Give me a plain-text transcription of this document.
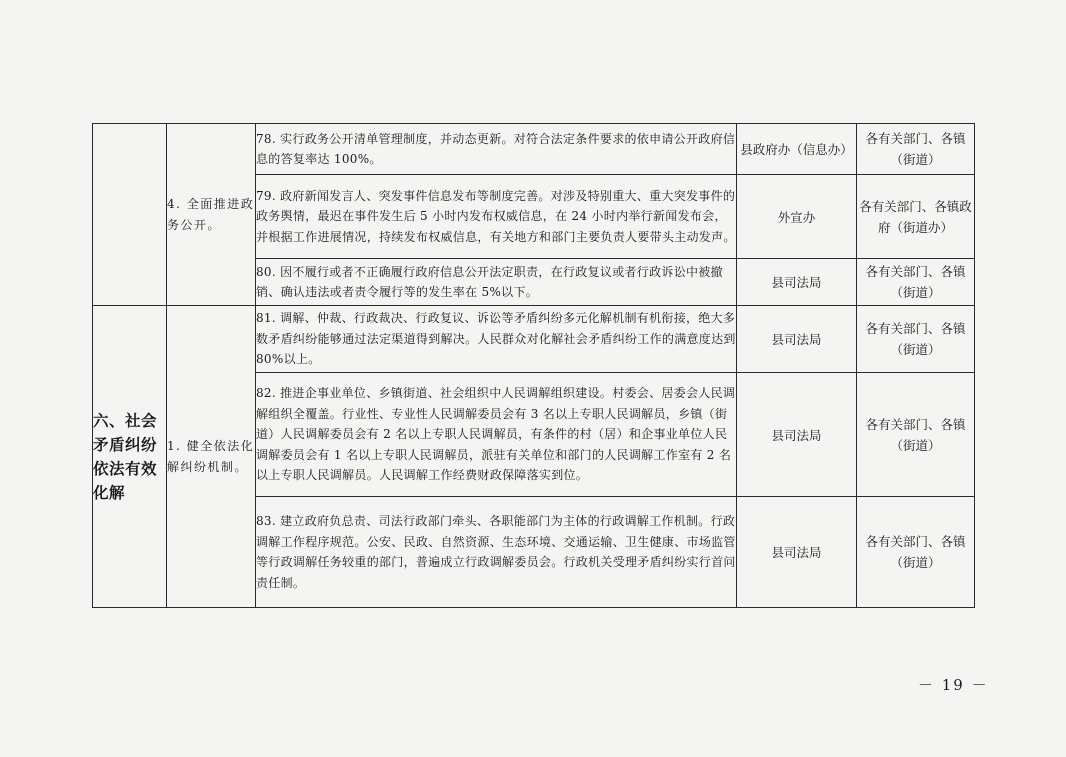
	4. 全面推进政务公开。	78. 实行政务公开清单管理制度，并动态更新。对符合法定条件要求的依申请公开政府信息的答复率达 100%。	县政府办（信息办）	各有关部门、各镇（街道）
		79. 政府新闻发言人、突发事件信息发布等制度完善。对涉及特别重大、重大突发事件的政务舆情，最迟在事件发生后 5 小时内发布权威信息，在 24 小时内举行新闻发布会，并根据工作进展情况，持续发布权威信息，有关地方和部门主要负责人要带头主动发声。	外宣办	各有关部门、各镇政府（街道办）
		80. 因不履行或者不正确履行政府信息公开法定职责，在行政复议或者行政诉讼中被撤销、确认违法或者责令履行等的发生率在 5%以下。	县司法局	各有关部门、各镇（街道）
六、社会矛盾纠纷依法有效化解	1. 健全依法化解纠纷机制。	81. 调解、仲裁、行政裁决、行政复议、诉讼等矛盾纠纷多元化解机制有机衔接，绝大多数矛盾纠纷能够通过法定渠道得到解决。人民群众对化解社会矛盾纠纷工作的满意度达到 80%以上。	县司法局	各有关部门、各镇（街道）
		82. 推进企事业单位、乡镇街道、社会组织中人民调解组织建设。村委会、居委会人民调解组织全覆盖。行业性、专业性人民调解委员会有 3 名以上专职人民调解员，乡镇（街道）人民调解委员会有 2 名以上专职人民调解员，有条件的村（居）和企事业单位人民调解委员会有 1 名以上专职人民调解员，派驻有关单位和部门的人民调解工作室有 2 名以上专职人民调解员。人民调解工作经费财政保障落实到位。	县司法局	各有关部门、各镇（街道）
		83. 建立政府负总责、司法行政部门牵头、各职能部门为主体的行政调解工作机制。行政调解工作程序规范。公安、民政、自然资源、生态环境、交通运输、卫生健康、市场监管等行政调解任务较重的部门，普遍成立行政调解委员会。行政机关受理矛盾纠纷实行首问责任制。	县司法局	各有关部门、各镇（街道）
－ 19 －
